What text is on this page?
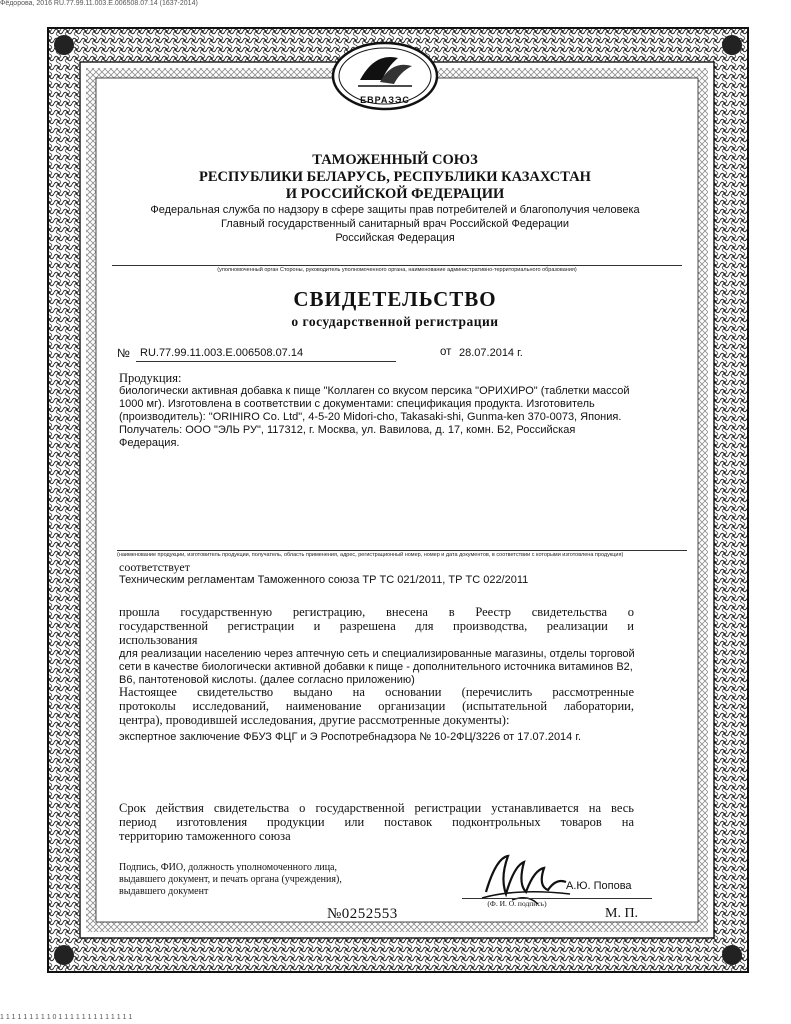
Фёдорова, 2016 RU.77.99.11.003.E.006508.07.14 (1637-2014)
1 1 1 1 1 1 1 1 1 0 1 1 1 1 1 1 1 1 1 1 1 1 1
ЕВРАЗЭС
ТАМОЖЕННЫЙ СОЮЗ
РЕСПУБЛИКИ БЕЛАРУСЬ, РЕСПУБЛИКИ КАЗАХСТАН
И РОССИЙСКОЙ ФЕДЕРАЦИИ
Федеральная служба по надзору в сфере защиты прав потребителей и благополучия человека
Главный государственный санитарный врач Российской Федерации
Российская Федерация
(уполномоченный орган Стороны, руководитель уполномоченного органа, наименование административно-территориального образования)
СВИДЕТЕЛЬСТВО
о государственной регистрации
№ RU.77.99.11.003.E.006508.07.14	от 28.07.2014 г.
Продукция:
биологически активная добавка к пище "Коллаген со вкусом персика "ОРИХИРО" (таблетки массой
1000 мг). Изготовлена в соответствии с документами: спецификация продукта. Изготовитель
(производитель): "ORIHIRO Co. Ltd", 4-5-20 Midori-cho, Takasaki-shi, Gunma-ken 370-0073, Япония.
Получатель: ООО "ЭЛЬ РУ", 117312, г. Москва, ул. Вавилова, д. 17, комн. Б2, Российская
Федерация.
(наименование продукции, изготовитель продукции, получатель, область применения, адрес, регистрационный номер, номер и дата документов, в соответствии с которыми изготовлена продукция)
соответствует
Техническим регламентам Таможенного союза ТР ТС 021/2011, ТР ТС 022/2011
прошла государственную регистрацию, внесена в Реестр свидетельства о
государственной регистрации и разрешена для производства, реализации и
использования
для реализации населению через аптечную сеть и специализированные магазины, отделы торговой
сети в качестве биологически активной добавки к пище - дополнительного источника витаминов В2,
В6, пантотеновой кислоты. (далее согласно приложению)
Настоящее свидетельство выдано на основании (перечислить рассмотренные
протоколы исследований, наименование организации (испытательной лаборатории,
центра), проводившей исследования, другие рассмотренные документы):
экспертное заключение ФБУЗ ФЦГ и Э Роспотребнадзора № 10-2ФЦ/3226 от 17.07.2014 г.
Срок действия свидетельства о государственной регистрации устанавливается на весь
период изготовления продукции или поставок подконтрольных товаров на
территорию таможенного союза
Подпись, ФИО, должность уполномоченного лица,
выдавшего документ, и печать органа (учреждения),
выдавшего документ	А.Ю. Попова
(Ф. И. О. подпись)
№0252553	М. П.
